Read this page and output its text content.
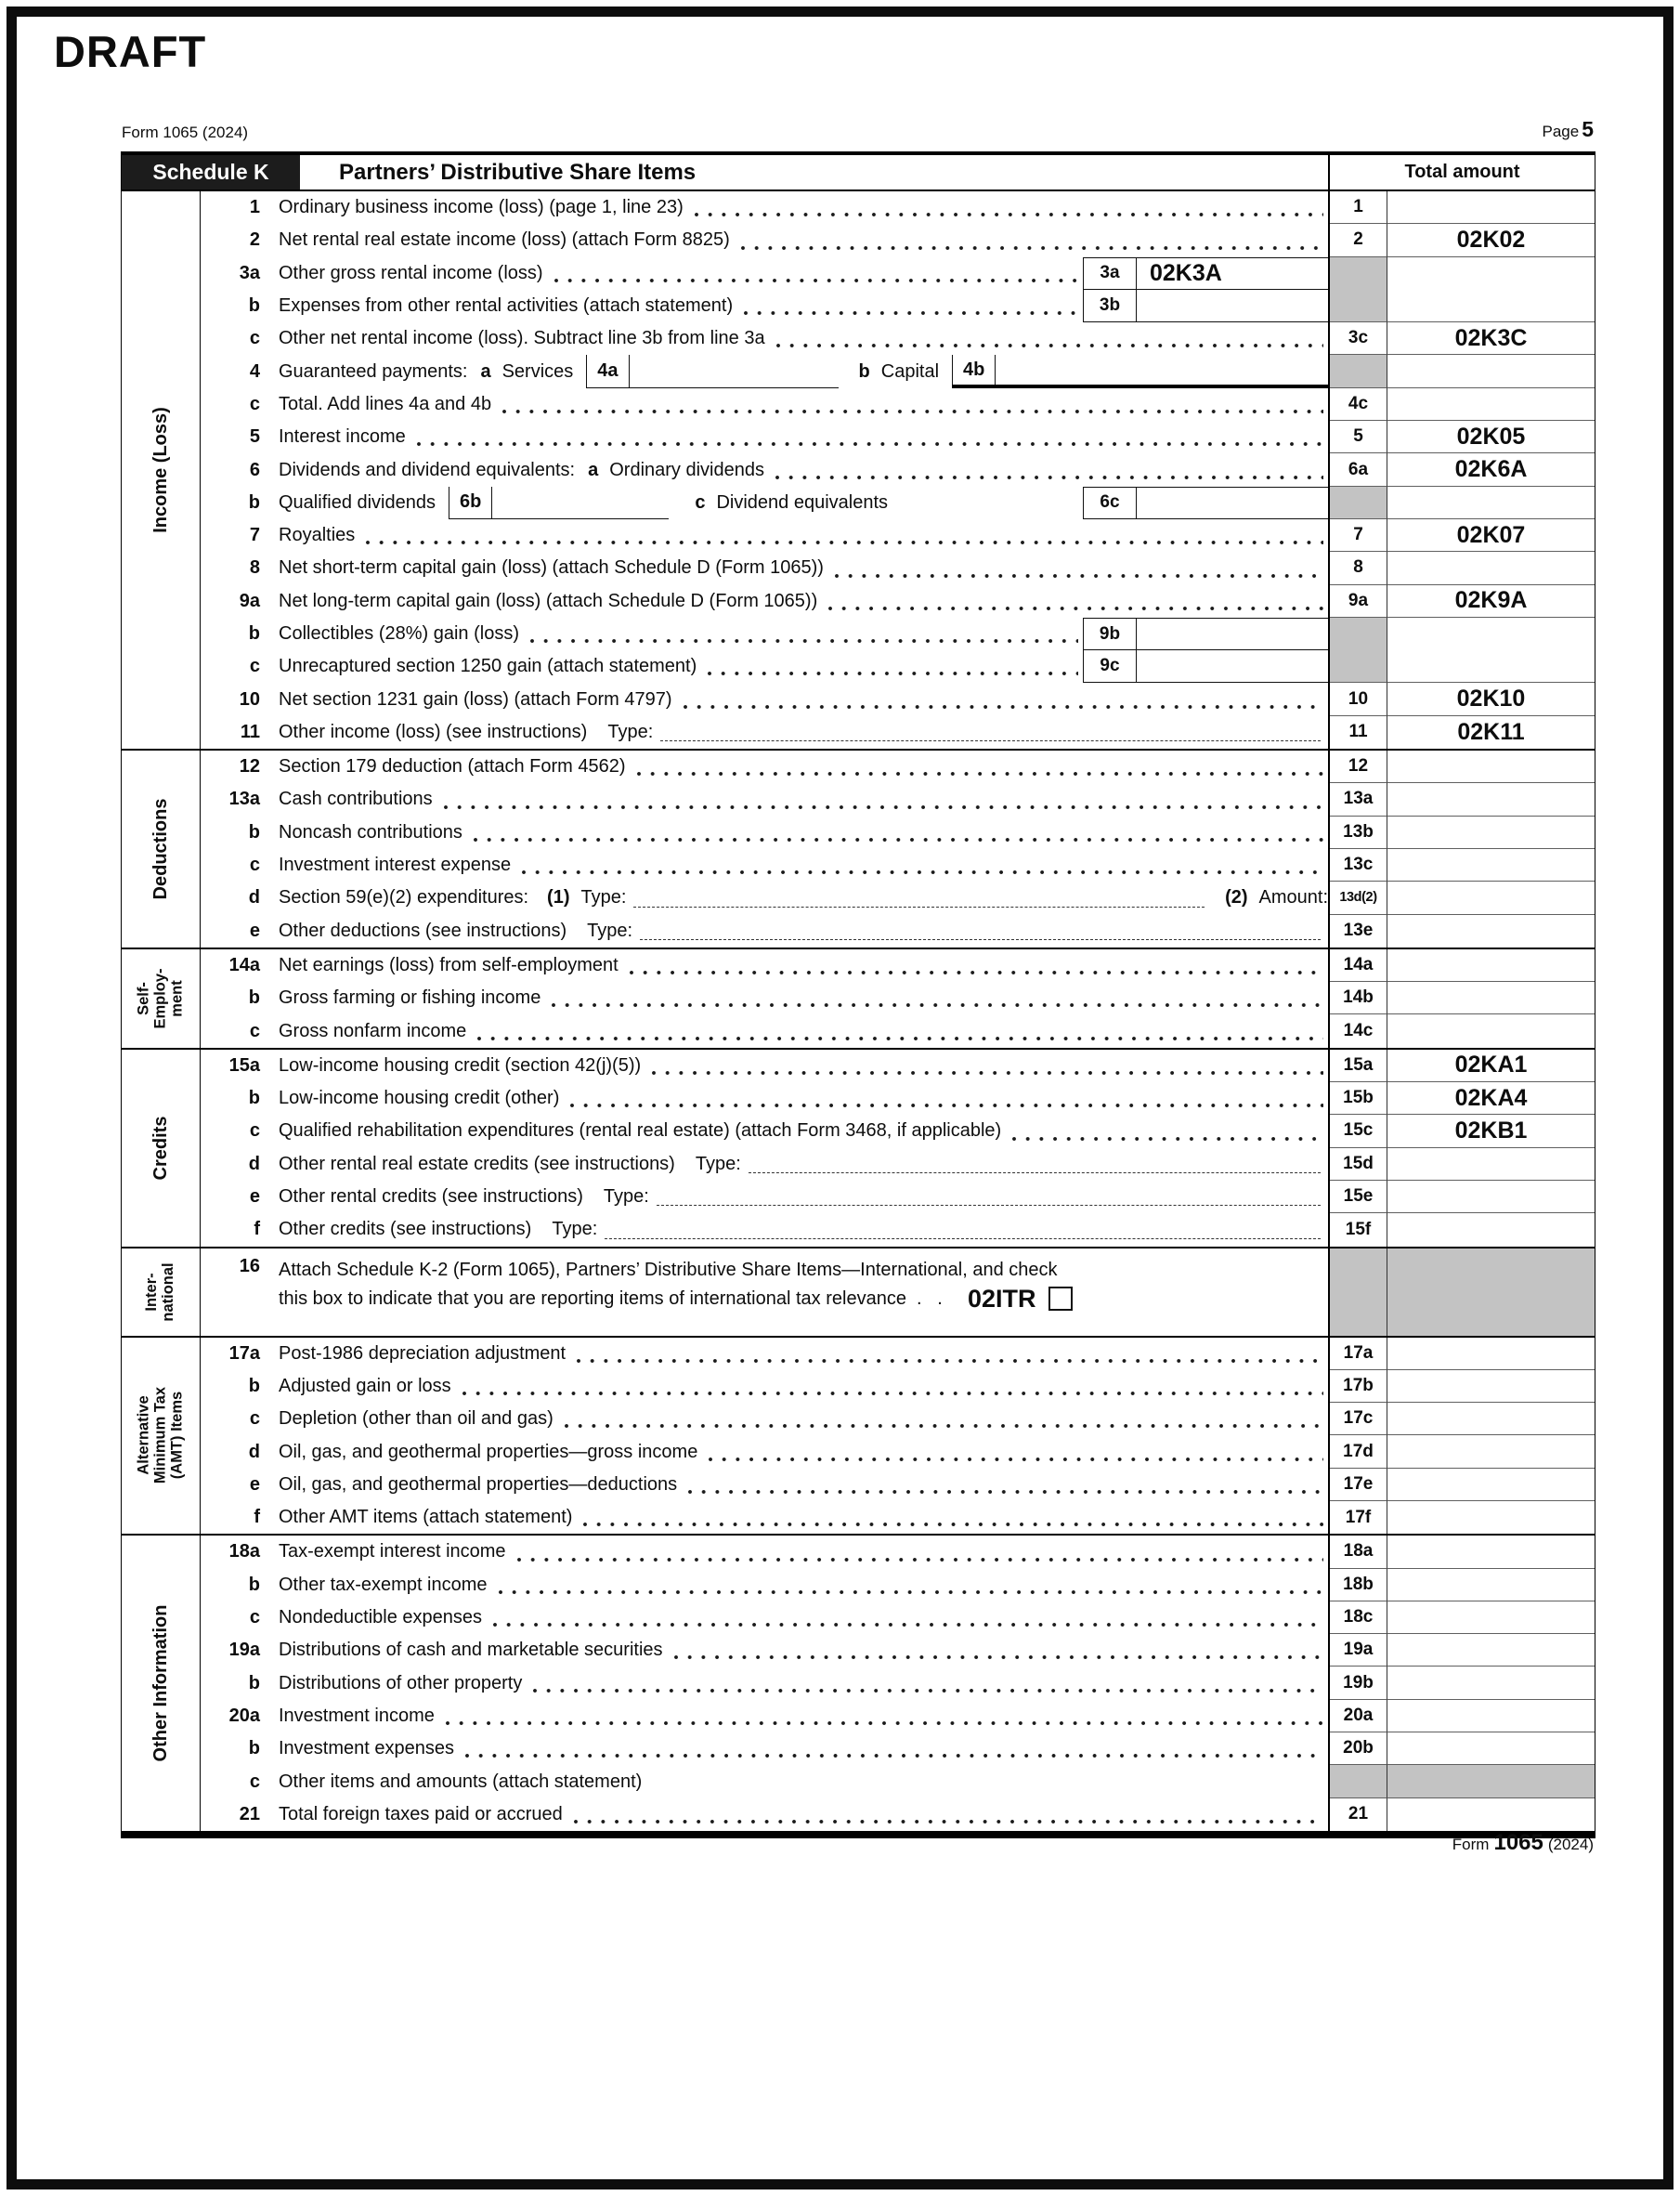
DRAFT
Form 1065 (2024)	Page 5
Schedule K	Partners’ Distributive Share Items	Total amount
Income (Loss)
1	Ordinary business income (loss) (page 1, line 23)	1
2	Net rental real estate income (loss) (attach Form 8825)	2	02K02
3a	Other gross rental income (loss)	3a	02K3A
b	Expenses from other rental activities (attach statement)	3b
c	Other net rental income (loss). Subtract line 3b from line 3a	3c	02K3C
4	Guaranteed payments: a Services	4a	b Capital	4b
c	Total. Add lines 4a and 4b	4c
5	Interest income	5	02K05
6	Dividends and dividend equivalents: a Ordinary dividends	6a	02K6A
b	Qualified dividends	6b	c Dividend equivalents	6c
7	Royalties	7	02K07
8	Net short-term capital gain (loss) (attach Schedule D (Form 1065))	8
9a	Net long-term capital gain (loss) (attach Schedule D (Form 1065))	9a	02K9A
b	Collectibles (28%) gain (loss)	9b
c	Unrecaptured section 1250 gain (attach statement)	9c
10	Net section 1231 gain (loss) (attach Form 4797)	10	02K10
11	Other income (loss) (see instructions) Type:	11	02K11
Deductions
12	Section 179 deduction (attach Form 4562)	12
13a	Cash contributions	13a
b	Noncash contributions	13b
c	Investment interest expense	13c
d	Section 59(e)(2) expenditures: (1) Type:	(2) Amount: 13d(2)
e	Other deductions (see instructions) Type:	13e
Self- Employ- ment
14a	Net earnings (loss) from self-employment	14a
b	Gross farming or fishing income	14b
c	Gross nonfarm income	14c
Credits
15a	Low-income housing credit (section 42(j)(5))	15a	02KA1
b	Low-income housing credit (other)	15b	02KA4
c	Qualified rehabilitation expenditures (rental real estate) (attach Form 3468, if applicable)	15c	02KB1
d	Other rental real estate credits (see instructions) Type:	15d
e	Other rental credits (see instructions) Type:	15e
f	Other credits (see instructions) Type:	15f
Inter- national	16	Attach Schedule K-2 (Form 1065), Partners’ Distributive Share Items—International, and check
this box to indicate that you are reporting items of international tax relevance  .   . 02ITR
Alternative Minimum Tax (AMT) Items
17a	Post-1986 depreciation adjustment	17a
b	Adjusted gain or loss	17b
c	Depletion (other than oil and gas)	17c
d	Oil, gas, and geothermal properties—gross income	17d
e	Oil, gas, and geothermal properties—deductions	17e
f	Other AMT items (attach statement)	17f
Other Information
18a	Tax-exempt interest income	18a
b	Other tax-exempt income	18b
c	Nondeductible expenses	18c
19a	Distributions of cash and marketable securities	19a
b	Distributions of other property	19b
20a	Investment income	20a
b	Investment expenses	20b
c	Other items and amounts (attach statement)
21	Total foreign taxes paid or accrued	21
Form 1065 (2024)
